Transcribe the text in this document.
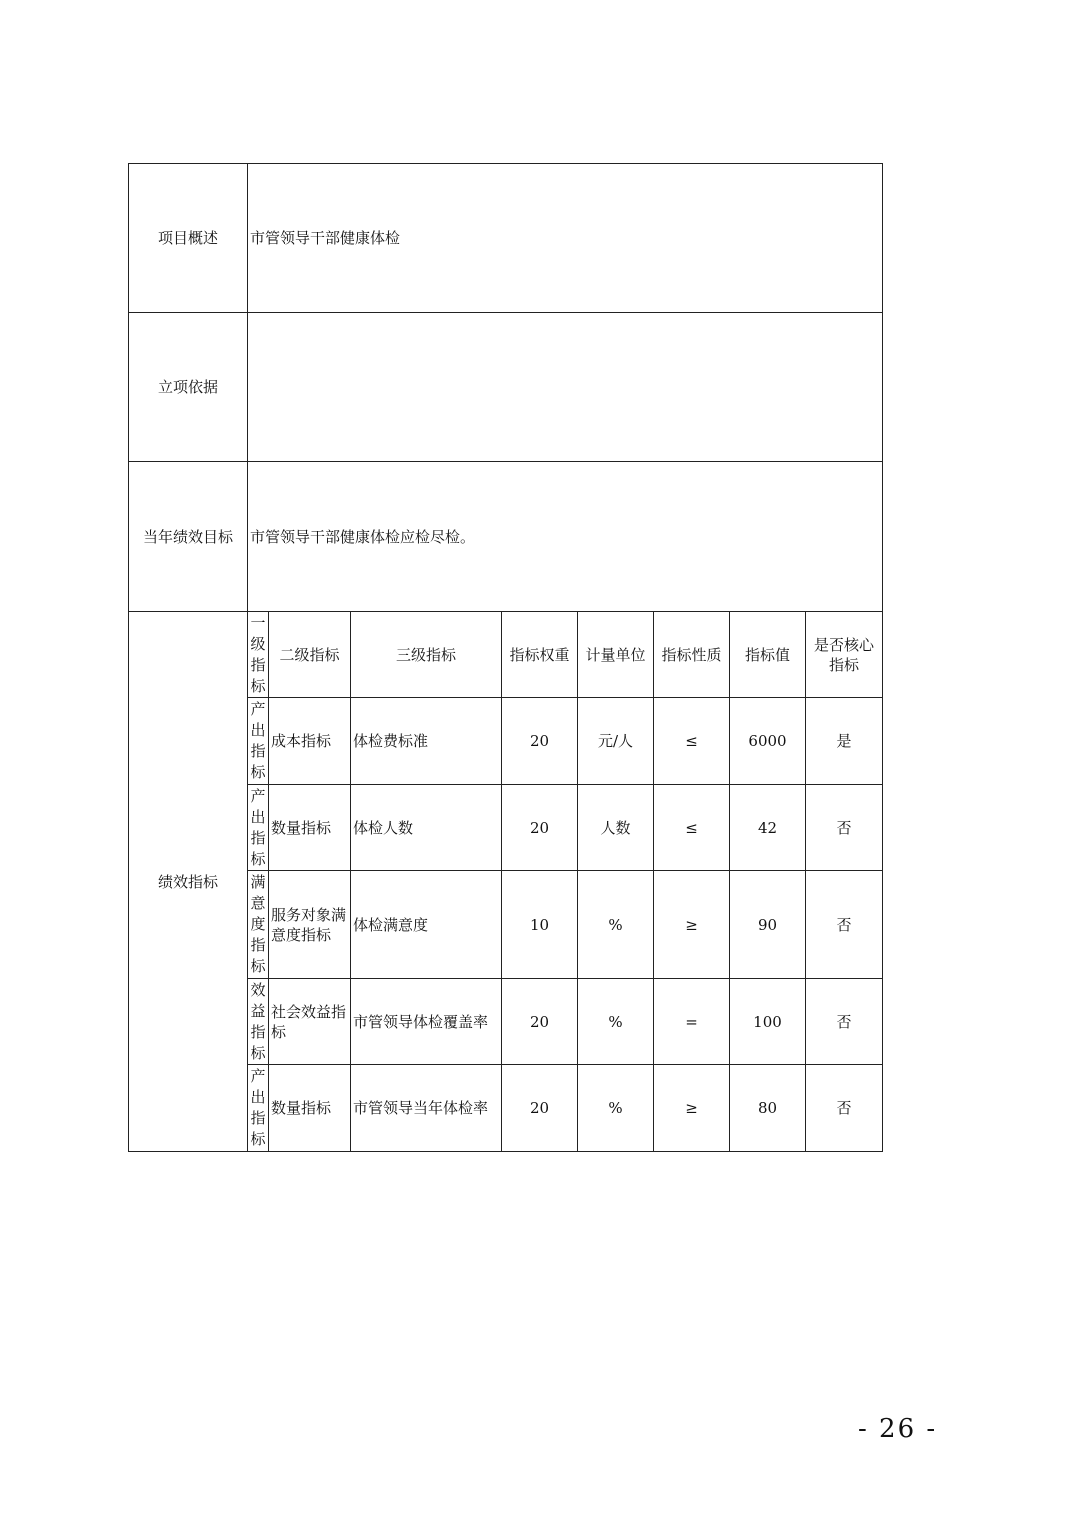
项目概述	市管领导干部健康体检							
立项依据								
当年绩效目标	市管领导干部健康体检应检尽检。							
绩效指标	一级指标	二级指标	三级指标	指标权重	计量单位	指标性质	指标值	是否核心指标
	产出指标	成本指标	体检费标准	20	元/人	≤	6000	是
	产出指标	数量指标	体检人数	20	人数	≤	42	否
	满意度指标	服务对象满意度指标	体检满意度	10	%	≥	90	否
	效益指标	社会效益指标	市管领导体检覆盖率	20	%	=	100	否
	产出指标	数量指标	市管领导当年体检率	20	%	≥	80	否
- 26 -
